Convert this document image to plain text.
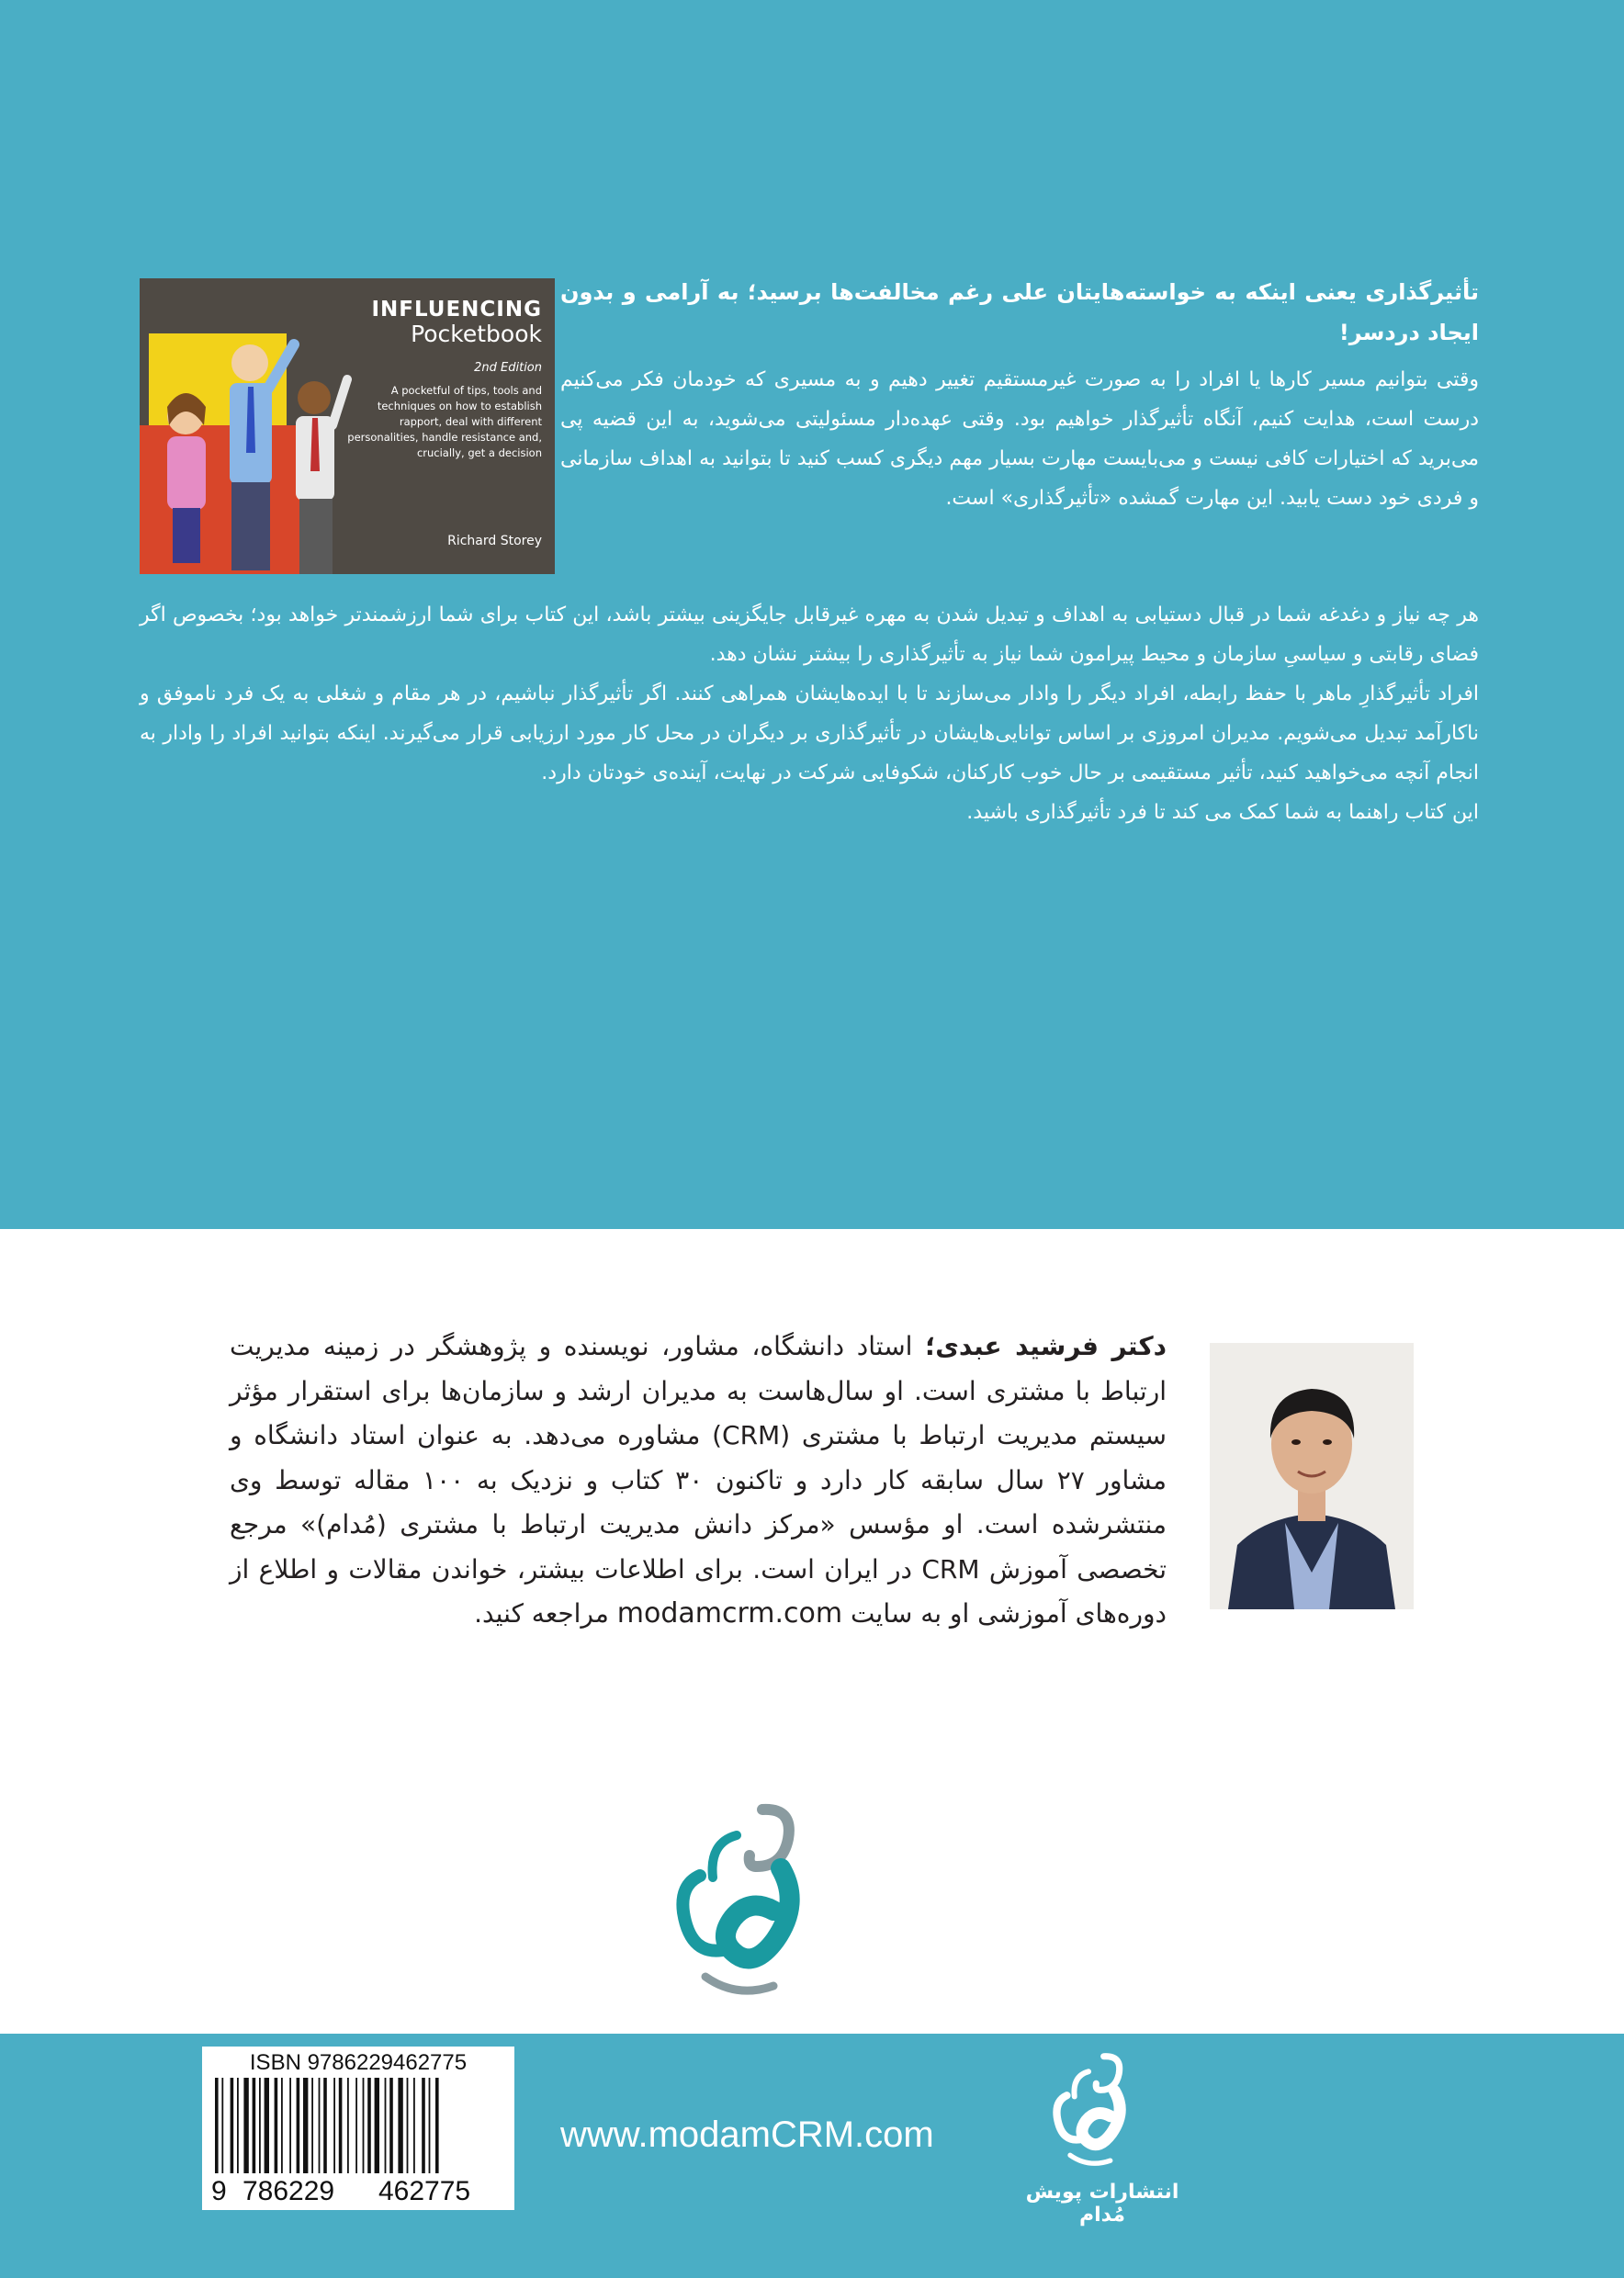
INFLUENCING
Pocketbook
2nd Edition
A pocketful of tips, tools and techniques on how to establish rapport, deal with different personalities, handle resistance and, crucially, get a decision
Richard Storey
تأثیرگذاری یعنی اینکه به خواسته‌هایتان علی رغم مخالفت‌ها برسید؛ به آرامی و بدون ایجاد دردسر!
وقتی بتوانیم مسیر کارها یا افراد را به صورت غیرمستقیم تغییر دهیم و به مسیری که خودمان فکر می‌کنیم درست است، هدایت کنیم، آنگاه تأثیرگذار خواهیم بود. وقتی عهده‌دار مسئولیتی می‌شوید، به این قضیه پی می‌برید که اختیارات کافی نیست و می‌بایست مهارت بسیار مهم دیگری کسب کنید تا بتوانید به اهداف سازمانی و فردی خود دست یابید. این مهارت گمشده «تأثیرگذاری» است.
هر چه نیاز و دغدغه شما در قبال دستیابی به اهداف و تبدیل شدن به مهره غیرقابل جایگزینی بیشتر باشد، این کتاب برای شما ارزشمندتر خواهد بود؛ بخصوص اگر فضای رقابتی و سیاسیِ سازمان و محیط پیرامون شما نیاز به تأثیرگذاری را بیشتر نشان دهد.
افراد تأثیرگذارِ ماهر با حفظ رابطه، افراد دیگر را وادار می‌سازند تا با ایده‌هایشان همراهی کنند. اگر تأثیرگذار نباشیم، در هر مقام و شغلی به یک فرد ناموفق و ناکارآمد تبدیل می‌شویم. مدیران امروزی بر اساس توانایی‌هایشان در تأثیرگذاری بر دیگران در محل کار مورد ارزیابی قرار می‌گیرند. اینکه بتوانید افراد را وادار به انجام آنچه می‌خواهید کنید، تأثیر مستقیمی بر حال خوب کارکنان، شکوفایی شرکت در نهایت، آینده‌ی خودتان دارد.
این کتاب راهنما به شما کمک می کند تا فرد تأثیرگذاری باشید.
دکتر فرشید عبدی؛ استاد دانشگاه، مشاور، نویسنده و پژوهشگر در زمینه مدیریت ارتباط با مشتری است. او سال‌هاست به مدیران ارشد و سازمان‌ها برای استقرار مؤثر سیستم مدیریت ارتباط با مشتری (CRM) مشاوره می‌دهد. به عنوان استاد دانشگاه و مشاور ۲۷ سال سابقه کار دارد و تاکنون ۳۰ کتاب و نزدیک به ۱۰۰ مقاله توسط وی منتشرشده است. او مؤسس «مرکز دانش مدیریت ارتباط با مشتری (مُدام)» مرجع تخصصی آموزش CRM در ایران است. برای اطلاعات بیشتر، خواندن مقالات و اطلاع از دوره‌های آموزشی او به سایت modamcrm.com مراجعه کنید.
ISBN 9786229462775
9 786229 462775
www.modamCRM.com
انتشارات پویش مُدام
